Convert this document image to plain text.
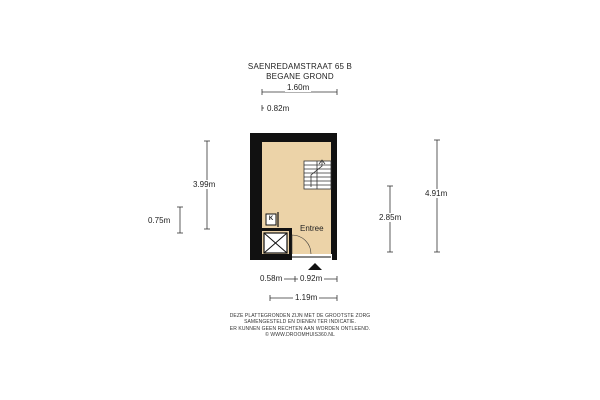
SAENREDAMSTRAAT 65 B
BEGANE GROND
K
Entree
1.60m
0.82m
3.99m
0.75m	2.85m
4.91m
0.58m 0.92m
1.19m
DEZE PLATTEGRONDEN ZIJN MET DE GROOTSTE ZORG
SAMENGESTELD EN DIENEN TER INDICATIE.
ER KUNNEN GEEN RECHTEN AAN WORDEN ONTLEEND.
© WWW.DROOMHUIS360.NL
